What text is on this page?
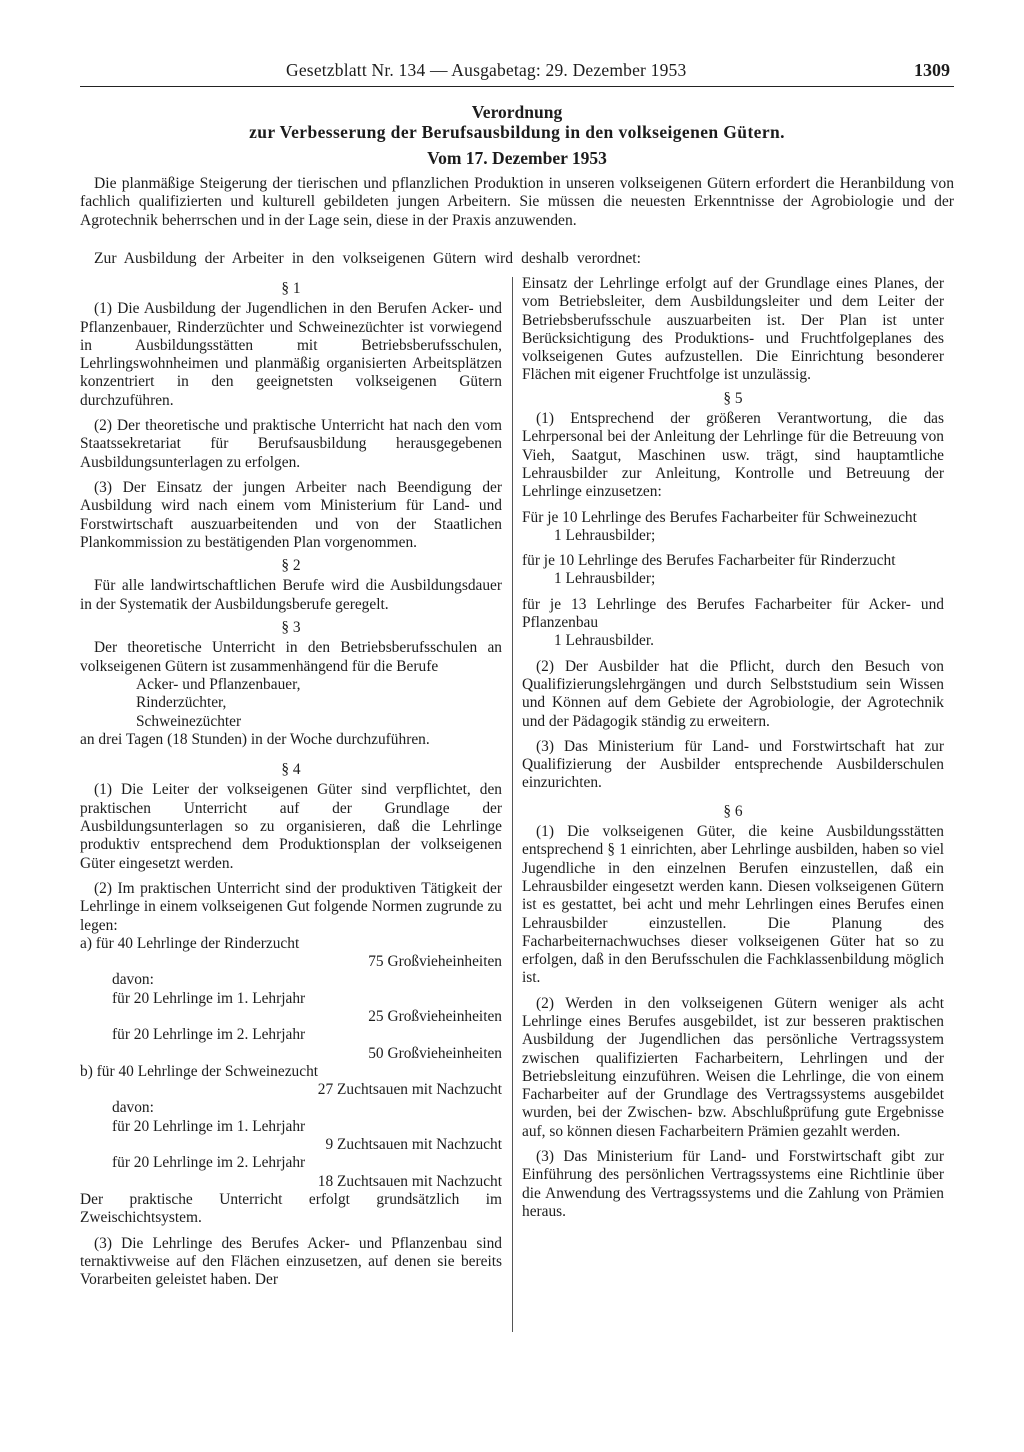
Gesetzblatt Nr. 134 — Ausgabetag: 29. Dezember 1953	1309
Verordnung
zur Verbesserung der Berufsausbildung in den volkseigenen Gütern.
Vom 17. Dezember 1953
Die planmäßige Steigerung der tierischen und pflanzlichen Produktion in unseren volkseigenen Gütern erfordert die Heranbildung von fachlich qualifizierten und kulturell gebildeten jungen Arbeitern. Sie müssen die neuesten Erkenntnisse der Agrobiologie und der Agrotechnik beherrschen und in der Lage sein, diese in der Praxis anzuwenden.
Zur Ausbildung der Arbeiter in den volkseigenen Gütern wird deshalb verordnet:
§ 1

(1) Die Ausbildung der Jugendlichen in den Berufen Acker- und Pflanzenbauer, Rinderzüchter und Schweinezüchter ist vorwiegend in Ausbildungsstätten mit Betriebsberufsschulen, Lehrlingswohnheimen und planmäßig organisierten Arbeitsplätzen konzentriert in den geeignetsten volkseigenen Gütern durchzuführen.

(2) Der theoretische und praktische Unterricht hat nach den vom Staatssekretariat für Berufsausbildung herausgegebenen Ausbildungsunterlagen zu erfolgen.

(3) Der Einsatz der jungen Arbeiter nach Beendigung der Ausbildung wird nach einem vom Ministerium für Land- und Forstwirtschaft auszuarbeitenden und von der Staatlichen Plankommission zu bestätigenden Plan vorgenommen.

§ 2

Für alle landwirtschaftlichen Berufe wird die Ausbildungsdauer in der Systematik der Ausbildungsberufe geregelt.

§ 3

Der theoretische Unterricht in den Betriebsberufsschulen an volkseigenen Gütern ist zusammenhängend für die Berufe

Acker- und Pflanzenbauer,
Rinderzüchter,
Schweinezüchter

an drei Tagen (18 Stunden) in der Woche durchzuführen.

§ 4

(1) Die Leiter der volkseigenen Güter sind verpflichtet, den praktischen Unterricht auf der Grundlage der Ausbildungsunterlagen so zu organisieren, daß die Lehrlinge produktiv entsprechend dem Produktionsplan der volkseigenen Güter eingesetzt werden.

(2) Im praktischen Unterricht sind der produktiven Tätigkeit der Lehrlinge in einem volkseigenen Gut folgende Normen zugrunde zu legen:

a) für 40 Lehrlinge der Rinderzucht
75 Großvieheinheiten
davon:
für 20 Lehrlinge im 1. Lehrjahr
25 Großvieheinheiten
für 20 Lehrlinge im 2. Lehrjahr
50 Großvieheinheiten
b) für 40 Lehrlinge der Schweinezucht
27 Zuchtsauen mit Nachzucht
davon:
für 20 Lehrlinge im 1. Lehrjahr
9 Zuchtsauen mit Nachzucht
für 20 Lehrlinge im 2. Lehrjahr
18 Zuchtsauen mit Nachzucht

Der praktische Unterricht erfolgt grundsätzlich im Zweischichtsystem.

(3) Die Lehrlinge des Berufes Acker- und Pflanzenbau sind ternaktivweise auf den Flächen einzusetzen, auf denen sie bereits Vorarbeiten geleistet haben. Der

Einsatz der Lehrlinge erfolgt auf der Grundlage eines Planes, der vom Betriebsleiter, dem Ausbildungsleiter und dem Leiter der Betriebsberufsschule auszuarbeiten ist. Der Plan ist unter Berücksichtigung des Produktions- und Fruchtfolgeplanes des volkseigenen Gutes aufzustellen. Die Einrichtung besonderer Flächen mit eigener Fruchtfolge ist unzulässig.

§ 5

(1) Entsprechend der größeren Verantwortung, die das Lehrpersonal bei der Anleitung der Lehrlinge für die Betreuung von Vieh, Saatgut, Maschinen usw. trägt, sind hauptamtliche Lehrausbilder zur Anleitung, Kontrolle und Betreuung der Lehrlinge einzusetzen:

Für je 10 Lehrlinge des Berufes Facharbeiter für Schweinezucht

1 Lehrausbilder;

für je 10 Lehrlinge des Berufes Facharbeiter für Rinderzucht

1 Lehrausbilder;

für je 13 Lehrlinge des Berufes Facharbeiter für Acker- und Pflanzenbau

1 Lehrausbilder.

(2) Der Ausbilder hat die Pflicht, durch den Besuch von Qualifizierungslehrgängen und durch Selbststudium sein Wissen und Können auf dem Gebiete der Agrobiologie, der Agrotechnik und der Pädagogik ständig zu erweitern.

(3) Das Ministerium für Land- und Forstwirtschaft hat zur Qualifizierung der Ausbilder entsprechende Ausbilderschulen einzurichten.

§ 6

(1) Die volkseigenen Güter, die keine Ausbildungsstätten entsprechend § 1 einrichten, aber Lehrlinge ausbilden, haben so viel Jugendliche in den einzelnen Berufen einzustellen, daß ein Lehrausbilder eingesetzt werden kann. Diesen volkseigenen Gütern ist es gestattet, bei acht und mehr Lehrlingen eines Berufes einen Lehrausbilder einzustellen. Die Planung des Facharbeiternachwuchses dieser volkseigenen Güter hat so zu erfolgen, daß in den Berufsschulen die Fachklassenbildung möglich ist.

(2) Werden in den volkseigenen Gütern weniger als acht Lehrlinge eines Berufes ausgebildet, ist zur besseren praktischen Ausbildung der Jugendlichen das persönliche Vertragssystem zwischen qualifizierten Facharbeitern, Lehrlingen und der Betriebsleitung einzuführen. Weisen die Lehrlinge, die von einem Facharbeiter auf der Grundlage des Vertragssystems ausgebildet wurden, bei der Zwischen- bzw. Abschlußprüfung gute Ergebnisse auf, so können diesen Facharbeitern Prämien gezahlt werden.

(3) Das Ministerium für Land- und Forstwirtschaft gibt zur Einführung des persönlichen Vertragssystems eine Richtlinie über die Anwendung des Vertragssystems und die Zahlung von Prämien heraus.
